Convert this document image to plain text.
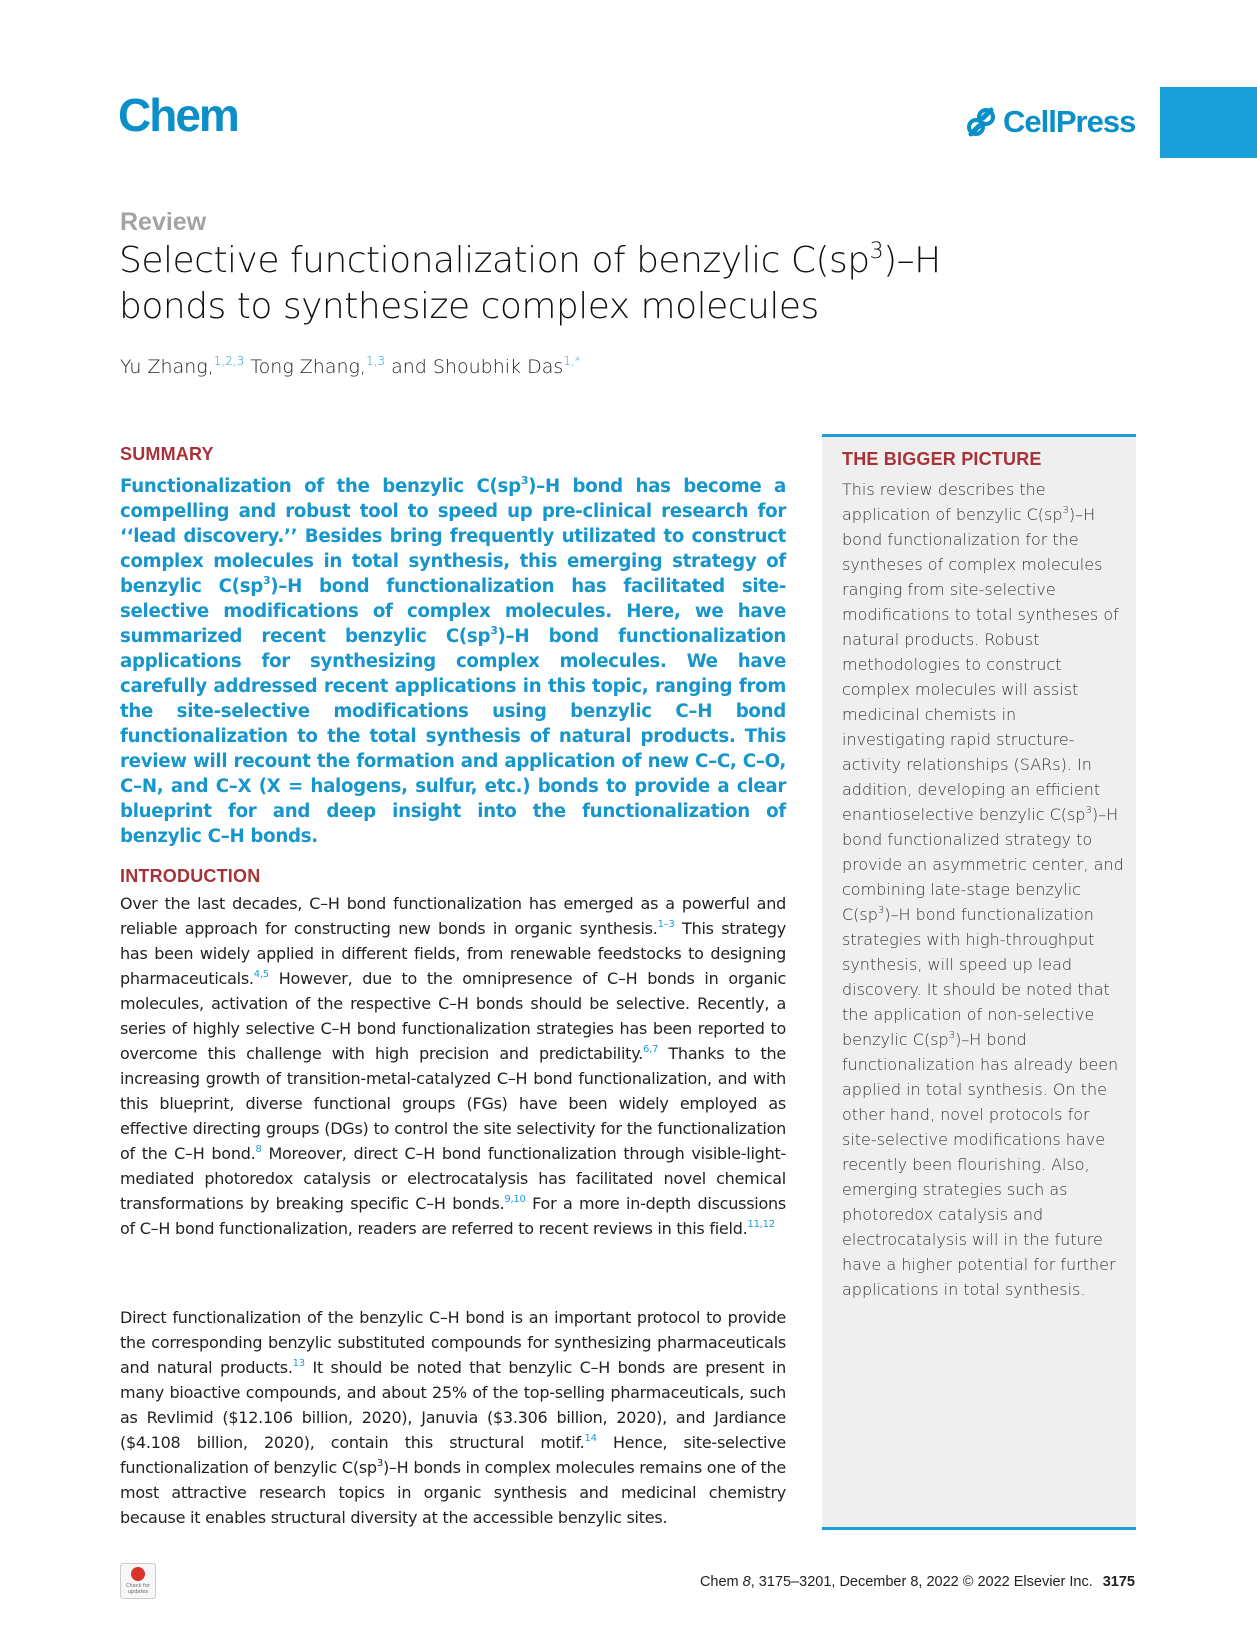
Chem	CellPress
Review
Selective functionalization of benzylic $C(sp^3)-H$
bonds to synthesize complex molecules
Yu Zhang,$^{1,2,3}$ Tong Zhang,$^{1,3}$ and Shoubhik Das$^{1,*}$
SUMMARY
Functionalization of the benzylic $C(sp^3)-H$ bond has become a compelling and robust tool to speed up pre-clinical research for ‘‘lead discovery.’’ Besides bring frequently utilizated to construct complex molecules in total synthesis, this emerging strategy of benzylic $C(sp^3)-H$ bond functionalization has facilitated site-selective modifications of complex molecules. Here, we have summarized recent benzylic $C(sp^3)-H$ bond functionalization applications for synthesizing complex molecules. We have carefully addressed recent applications in this topic, ranging from the site-selective modifications using benzylic C–H bond functionalization to the total synthesis of natural products. This review will recount the formation and application of new C–C, C–O, C–N, and C–X (X = halogens, sulfur, etc.) bonds to provide a clear blueprint for and deep insight into the functionalization of benzylic C–H bonds.
INTRODUCTION
Over the last decades, C–H bond functionalization has emerged as a powerful and reliable approach for constructing new bonds in organic synthesis.$^{1-3}$ This strategy has been widely applied in different fields, from renewable feedstocks to designing pharmaceuticals.$^{4,5}$ However, due to the omnipresence of C–H bonds in organic molecules, activation of the respective C–H bonds should be selective. Recently, a series of highly selective C–H bond functionalization strategies has been reported to overcome this challenge with high precision and predictability.$^{6,7}$ Thanks to the increasing growth of transition-metal-catalyzed C–H bond functionalization, and with this blueprint, diverse functional groups (FGs) have been widely employed as effective directing groups (DGs) to control the site selectivity for the functionalization of the C–H bond.$^8$ Moreover, direct C–H bond functionalization through visible-light-mediated photoredox catalysis or electrocatalysis has facilitated novel chemical transformations by breaking specific C–H bonds.$^{9,10}$ For a more in-depth discussions of C–H bond functionalization, readers are referred to recent reviews in this field.$^{11,12}$
Direct functionalization of the benzylic C–H bond is an important protocol to provide the corresponding benzylic substituted compounds for synthesizing pharmaceuticals and natural products.$^{13}$ It should be noted that benzylic C–H bonds are present in many bioactive compounds, and about 25% of the top-selling pharmaceuticals, such as Revlimid ($12.106 billion, 2020), Januvia ($3.306 billion, 2020), and Jardiance ($4.108 billion, 2020), contain this structural motif.$^{14}$ Hence, site-selective functionalization of benzylic $C(sp^3)-H$ bonds in complex molecules remains one of the most attractive research topics in organic synthesis and medicinal chemistry because it enables structural diversity at the accessible benzylic sites.
THE BIGGER PICTURE
This review describes the application of benzylic $C(sp^3)-H$ bond functionalization for the syntheses of complex molecules ranging from site-selective modifications to total syntheses of natural products. Robust methodologies to construct complex molecules will assist medicinal chemists in investigating rapid structure-activity relationships (SARs). In addition, developing an efficient enantioselective benzylic $C(sp^3)-H$ bond functionalized strategy to provide an asymmetric center, and combining late-stage benzylic $C(sp^3)-H$ bond functionalization strategies with high-throughput synthesis, will speed up lead discovery. It should be noted that the application of non-selective benzylic $C(sp^3)-H$ bond functionalization has already been applied in total synthesis. On the other hand, novel protocols for site-selective modifications have recently been flourishing. Also, emerging strategies such as photoredox catalysis and electrocatalysis will in the future have a higher potential for further applications in total synthesis.
Check for updates
Chem 8, 3175–3201, December 8, 2022 © 2022 Elsevier Inc. 3175
